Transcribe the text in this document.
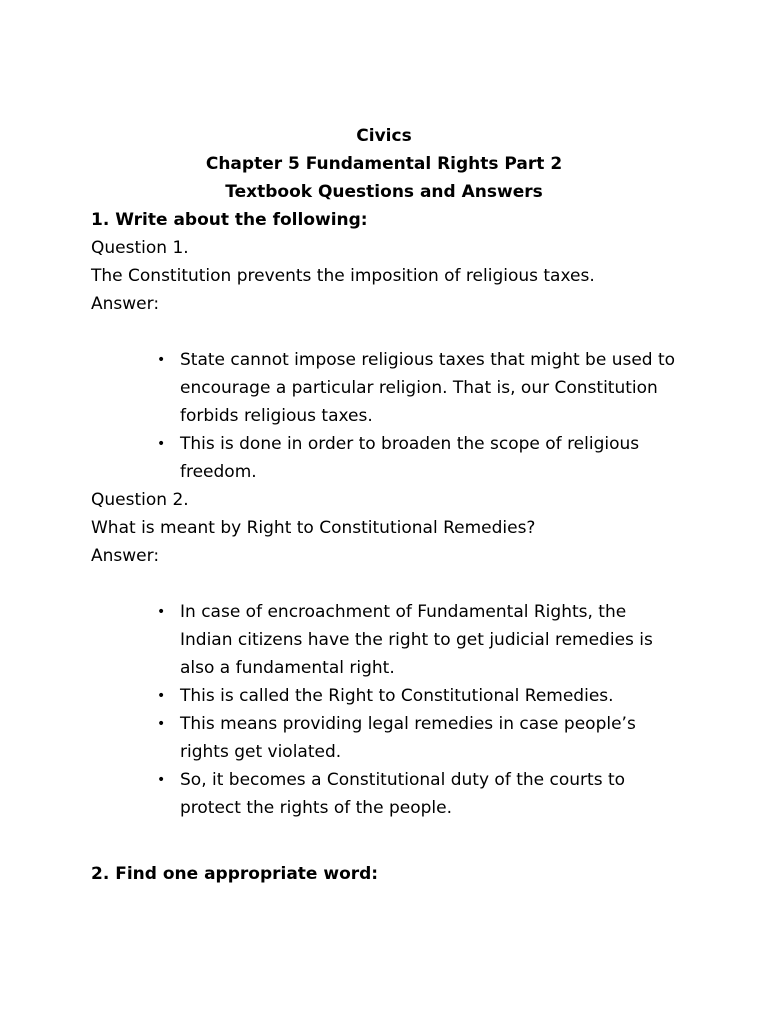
Civics
Chapter 5 Fundamental Rights Part 2
Textbook Questions and Answers
1. Write about the following:
Question 1.
The Constitution prevents the imposition of religious taxes.
Answer:
• State cannot impose religious taxes that might be used to encourage a particular religion. That is, our Constitution forbids religious taxes.
• This is done in order to broaden the scope of religious freedom.
Question 2.
What is meant by Right to Constitutional Remedies?
Answer:
• In case of encroachment of Fundamental Rights, the Indian citizens have the right to get judicial remedies is also a fundamental right.
• This is called the Right to Constitutional Remedies.
• This means providing legal remedies in case people’s rights get violated.
• So, it becomes a Constitutional duty of the courts to protect the rights of the people.
2. Find one appropriate word:
